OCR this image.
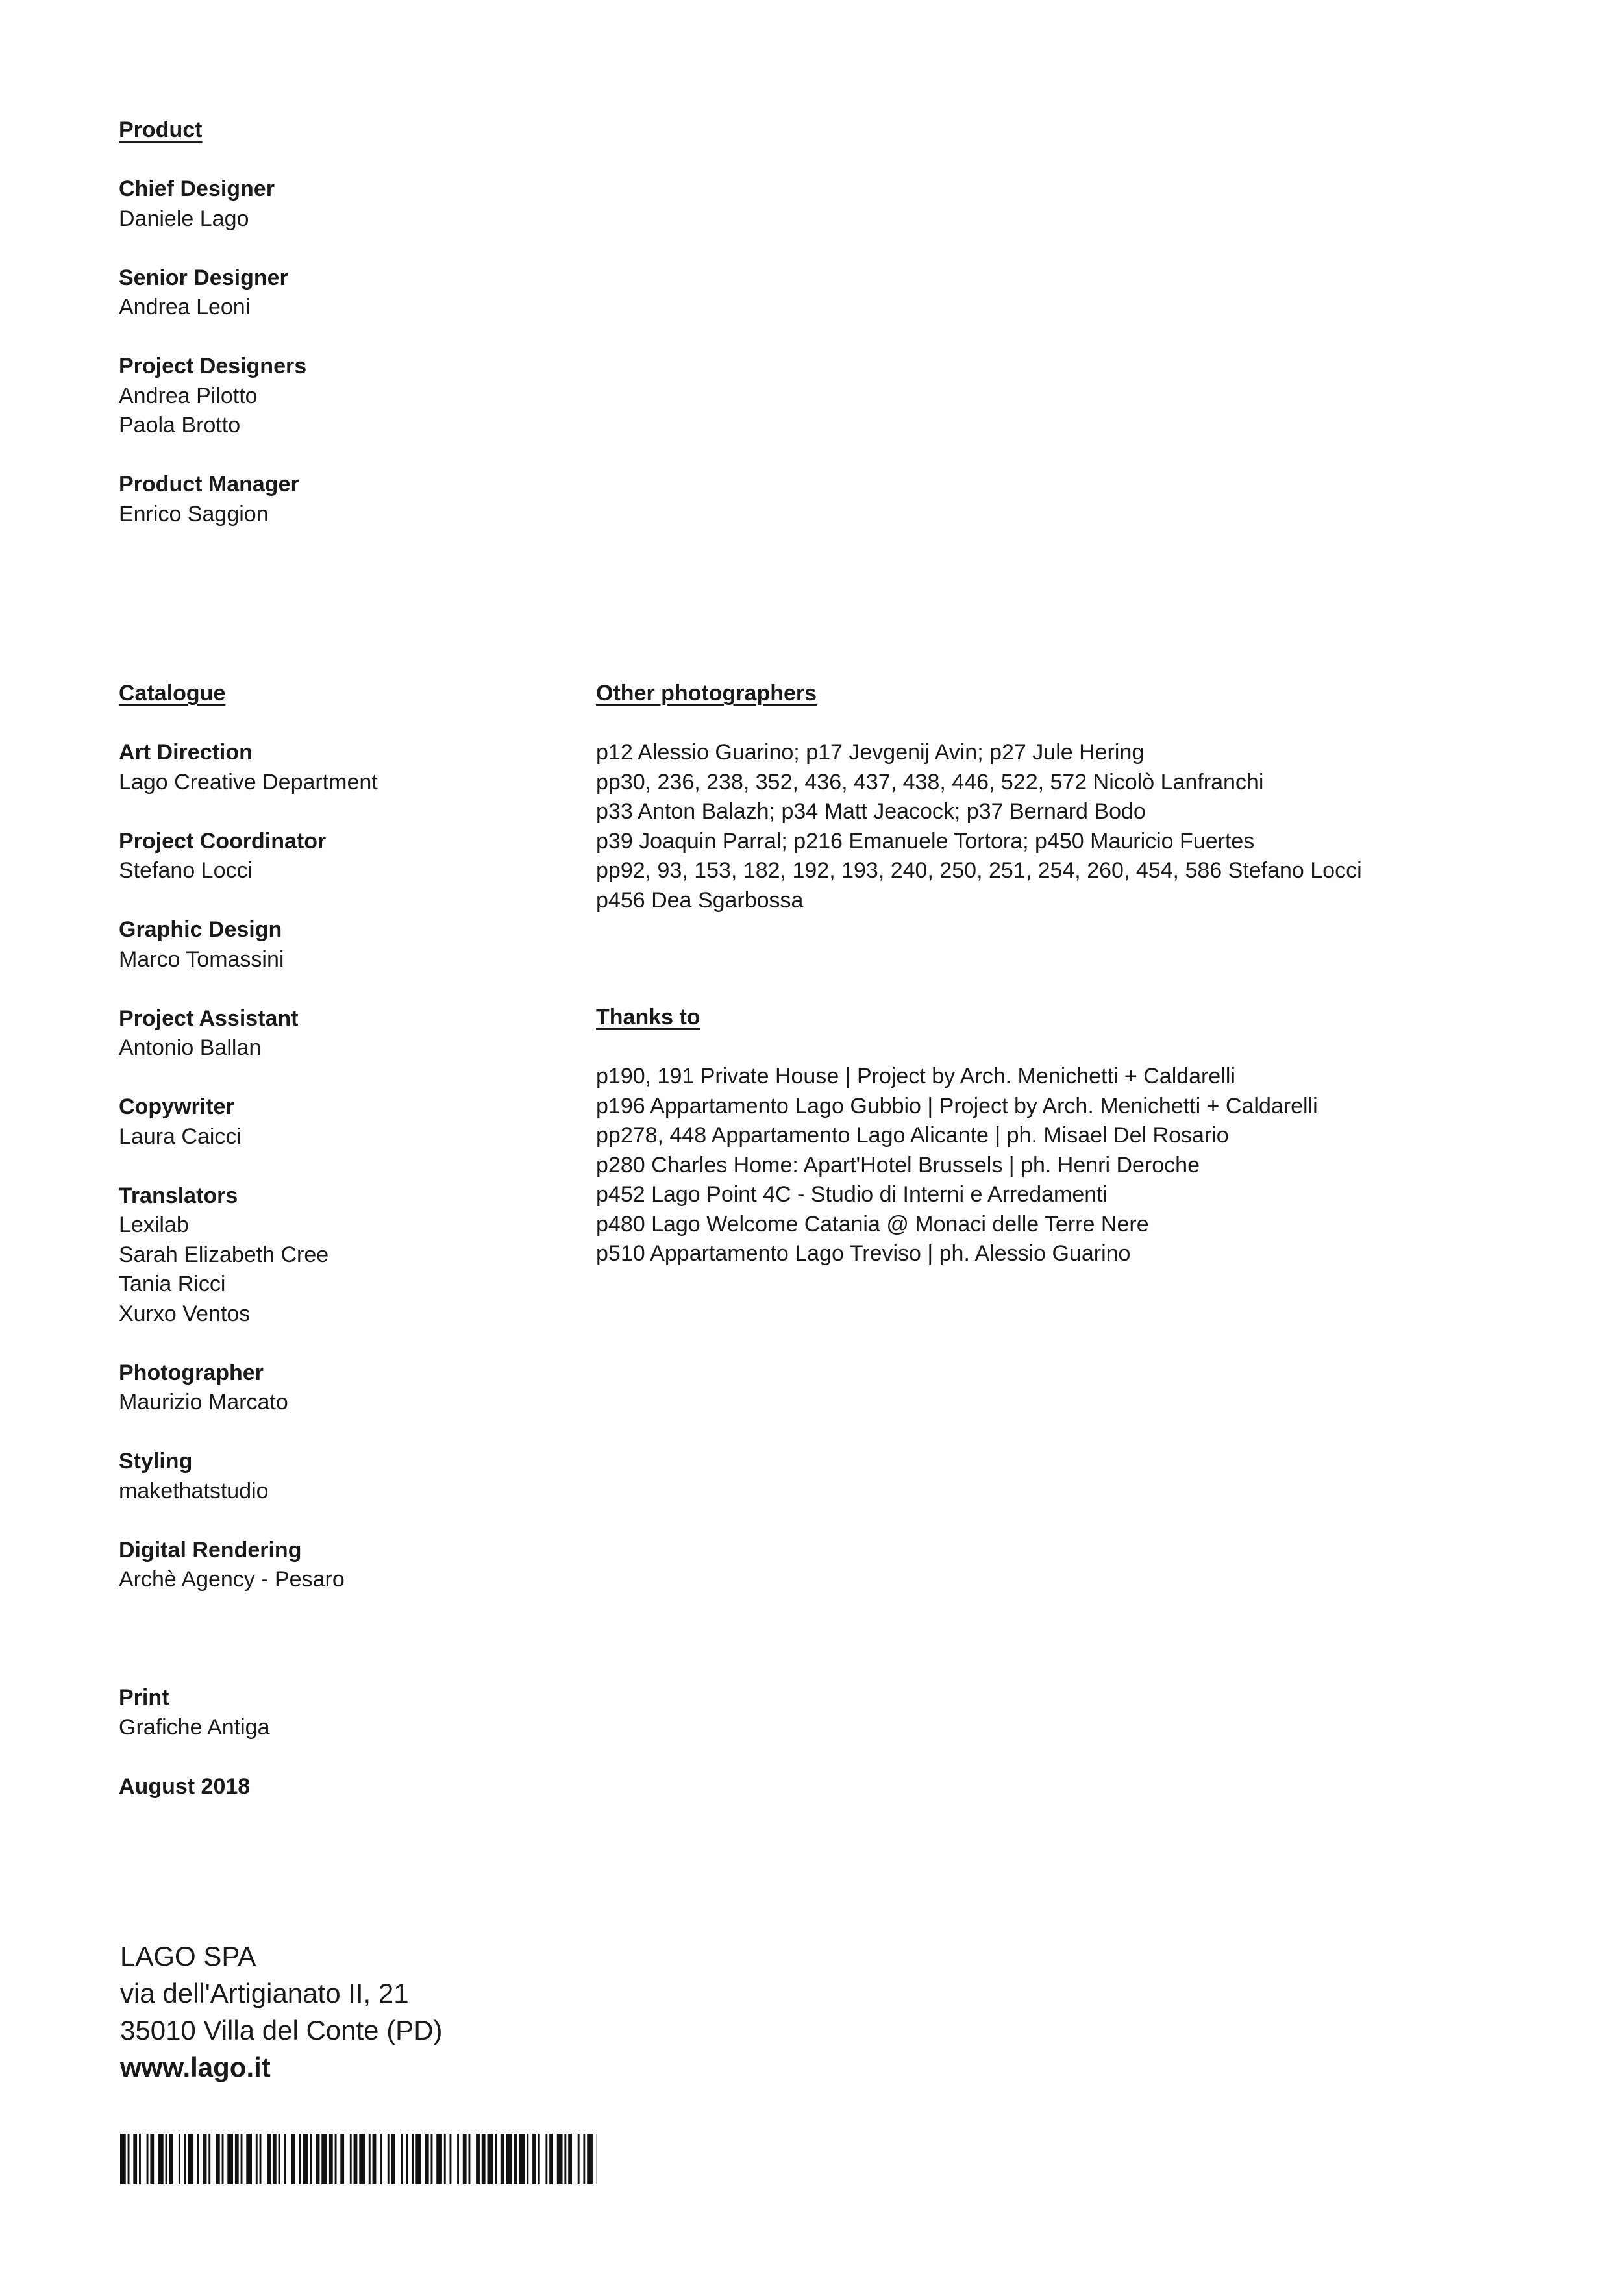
Product
Chief Designer
Daniele Lago
Senior Designer
Andrea Leoni
Project Designers
Andrea Pilotto
Paola Brotto
Product Manager
Enrico Saggion
Catalogue
Art Direction
Lago Creative Department
Project Coordinator
Stefano Locci
Graphic Design
Marco Tomassini
Project Assistant
Antonio Ballan
Copywriter
Laura Caicci
Translators
Lexilab
Sarah Elizabeth Cree
Tania Ricci
Xurxo Ventos
Photographer
Maurizio Marcato
Styling
makethatstudio
Digital Rendering
Archè Agency - Pesaro
Print
Grafiche Antiga
August 2018
Other photographers
p12 Alessio Guarino; p17 Jevgenij Avin; p27 Jule Hering
pp30, 236, 238, 352, 436, 437, 438, 446, 522, 572 Nicolò Lanfranchi
p33 Anton Balazh; p34 Matt Jeacock; p37 Bernard Bodo
p39 Joaquin Parral; p216 Emanuele Tortora; p450 Mauricio Fuertes
pp92, 93, 153, 182, 192, 193, 240, 250, 251, 254, 260, 454, 586 Stefano Locci
p456 Dea Sgarbossa
Thanks to
p190, 191 Private House | Project by Arch. Menichetti + Caldarelli
p196 Appartamento Lago Gubbio | Project by Arch. Menichetti + Caldarelli
pp278, 448 Appartamento Lago Alicante | ph. Misael Del Rosario
p280 Charles Home: Apart'Hotel Brussels | ph. Henri Deroche
p452 Lago Point 4C - Studio di Interni e Arredamenti
p480 Lago Welcome Catania @ Monaci delle Terre Nere
p510 Appartamento Lago Treviso | ph. Alessio Guarino
LAGO SPA
via dell'Artigianato II, 21
35010 Villa del Conte (PD)
www.lago.it
